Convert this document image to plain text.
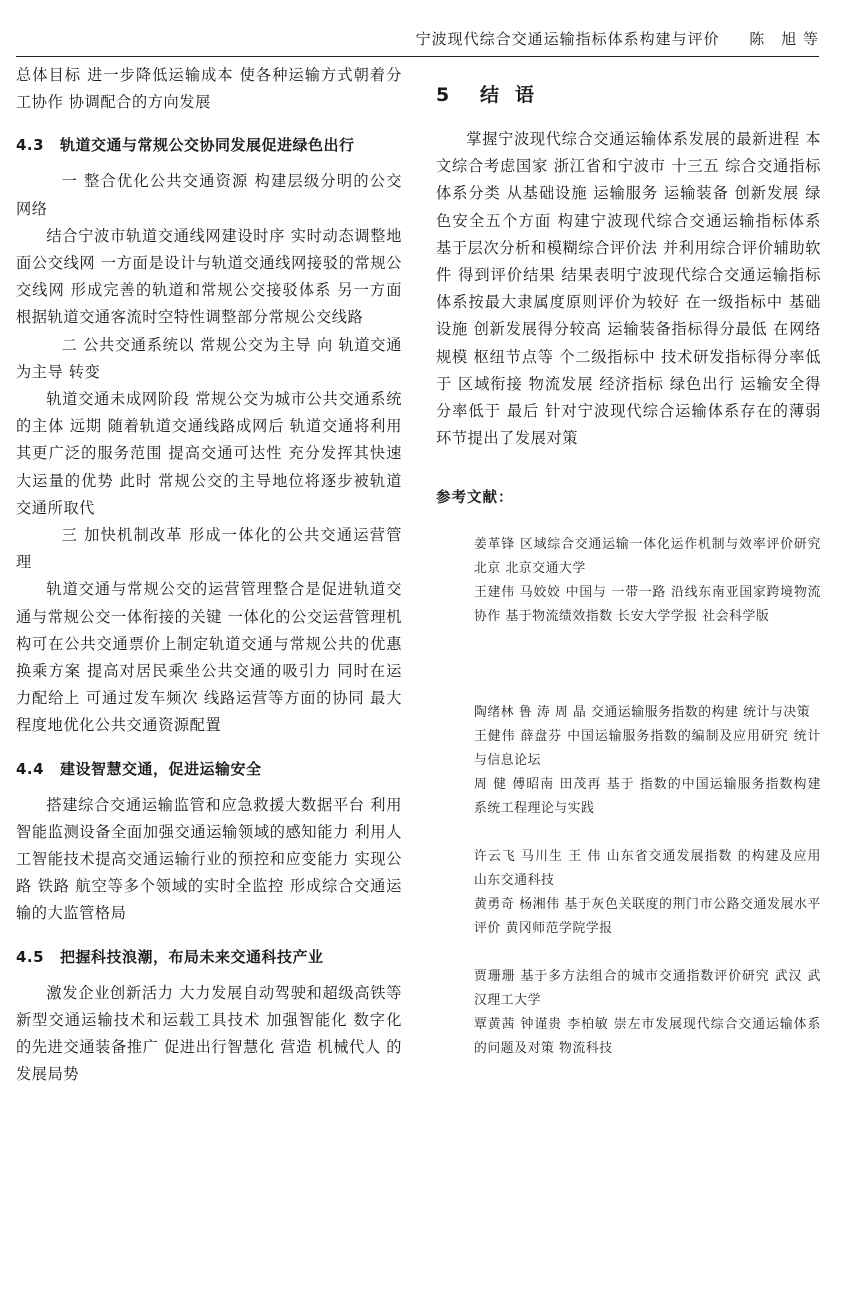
宁波现代综合交通运输指标体系构建与评价 陈　旭 等

总体目标 进一步降低运输成本 使各种运输方式朝着分工协作 协调配合的方向发展

4.3 轨道交通与常规公交协同发展促进绿色出行

一 整合优化公共交通资源 构建层级分明的公交网络

结合宁波市轨道交通线网建设时序 实时动态调整地面公交线网 一方面是设计与轨道交通线网接驳的常规公交线网 形成完善的轨道和常规公交接驳体系 另一方面 根据轨道交通客流时空特性调整部分常规公交线路

二 公共交通系统以 常规公交为主导 向 轨道交通为主导 转变

轨道交通未成网阶段 常规公交为城市公共交通系统的主体 远期 随着轨道交通线路成网后 轨道交通将利用其更广泛的服务范围 提高交通可达性 充分发挥其快速 大运量的优势 此时 常规公交的主导地位将逐步被轨道交通所取代

三 加快机制改革 形成一体化的公共交通运营管理

轨道交通与常规公交的运营管理整合是促进轨道交通与常规公交一体衔接的关键 一体化的公交运营管理机构可在公共交通票价上制定轨道交通与常规公共的优惠换乘方案 提高对居民乘坐公共交通的吸引力 同时在运力配给上 可通过发车频次 线路运营等方面的协同 最大程度地优化公共交通资源配置

4.4 建设智慧交通，促进运输安全

搭建综合交通运输监管和应急救援大数据平台 利用智能监测设备全面加强交通运输领域的感知能力 利用人工智能技术提高交通运输行业的预控和应变能力 实现公路 铁路 航空等多个领域的实时全监控 形成综合交通运输的大监管格局

4.5 把握科技浪潮，布局未来交通科技产业

激发企业创新活力 大力发展自动驾驶和超级高铁等新型交通运输技术和运载工具技术 加强智能化 数字化的先进交通装备推广 促进出行智慧化 营造 机械代人 的发展局势

5 结语

掌握宁波现代综合交通运输体系发展的最新进程 本文综合考虑国家 浙江省和宁波市 十三五 综合交通指标体系分类 从基础设施 运输服务 运输装备 创新发展 绿色安全五个方面 构建宁波现代综合交通运输指标体系 基于层次分析和模糊综合评价法 并利用综合评价辅助软件 得到评价结果 结果表明宁波现代综合交通运输指标体系按最大隶属度原则评价为较好 在一级指标中 基础设施 创新发展得分较高 运输装备指标得分最低 在网络规模 枢纽节点等 个二级指标中 技术研发指标得分率低于 区域衔接 物流发展 经济指标 绿色出行 运输安全得分率低于 最后 针对宁波现代综合运输体系存在的薄弱环节提出了发展对策

参考文献：

姜革锋 区域综合交通运输一体化运作机制与效率评价研究 北京 北京交通大学

王建伟 马姣姣 中国与 一带一路 沿线东南亚国家跨境物流协作 基于物流绩效指数 长安大学学报 社会科学版

陶绪林 鲁 涛 周 晶 交通运输服务指数的构建 统计与决策

王健伟 薛盘芬 中国运输服务指数的编制及应用研究 统计与信息论坛

周 健 傅昭南 田茂再 基于 指数的中国运输服务指数构建 系统工程理论与实践

许云飞 马川生 王 伟 山东省交通发展指数 的构建及应用 山东交通科技

黄勇奇 杨湘伟 基于灰色关联度的荆门市公路交通发展水平评价 黄冈师范学院学报

贾珊珊 基于多方法组合的城市交通指数评价研究 武汉 武汉理工大学

覃黄茜 钟谨贵 李柏敏 崇左市发展现代综合交通运输体系的问题及对策 物流科技
